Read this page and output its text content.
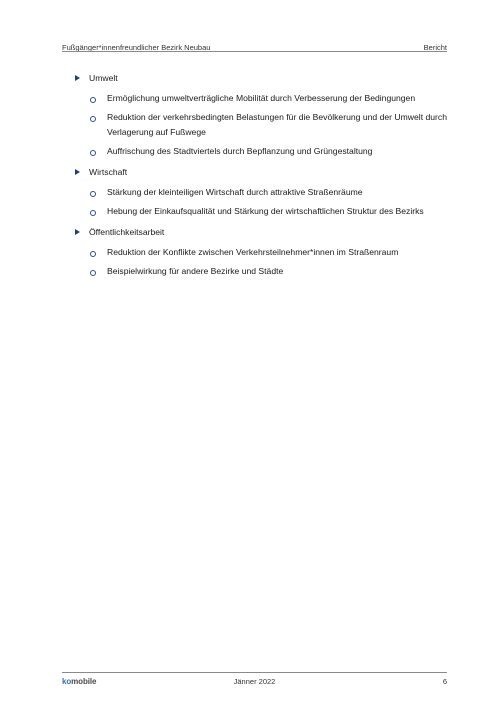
Fußgänger*innenfreundlicher Bezirk Neubau	Bericht
Umwelt
Ermöglichung umweltverträgliche Mobilität durch Verbesserung der Bedingungen
Reduktion der verkehrsbedingten Belastungen für die Bevölkerung und der Umwelt durch Verlagerung auf Fußwege
Auffrischung des Stadtviertels durch Bepflanzung und Grüngestaltung
Wirtschaft
Stärkung der kleinteiligen Wirtschaft durch attraktive Straßenräume
Hebung der Einkaufsqualität und Stärkung der wirtschaftlichen Struktur des Bezirks
Öffentlichkeitsarbeit
Reduktion der Konflikte zwischen Verkehrsteilnehmer*innen im Straßenraum
Beispielwirkung für andere Bezirke und Städte
komobile	Jänner 2022	6
